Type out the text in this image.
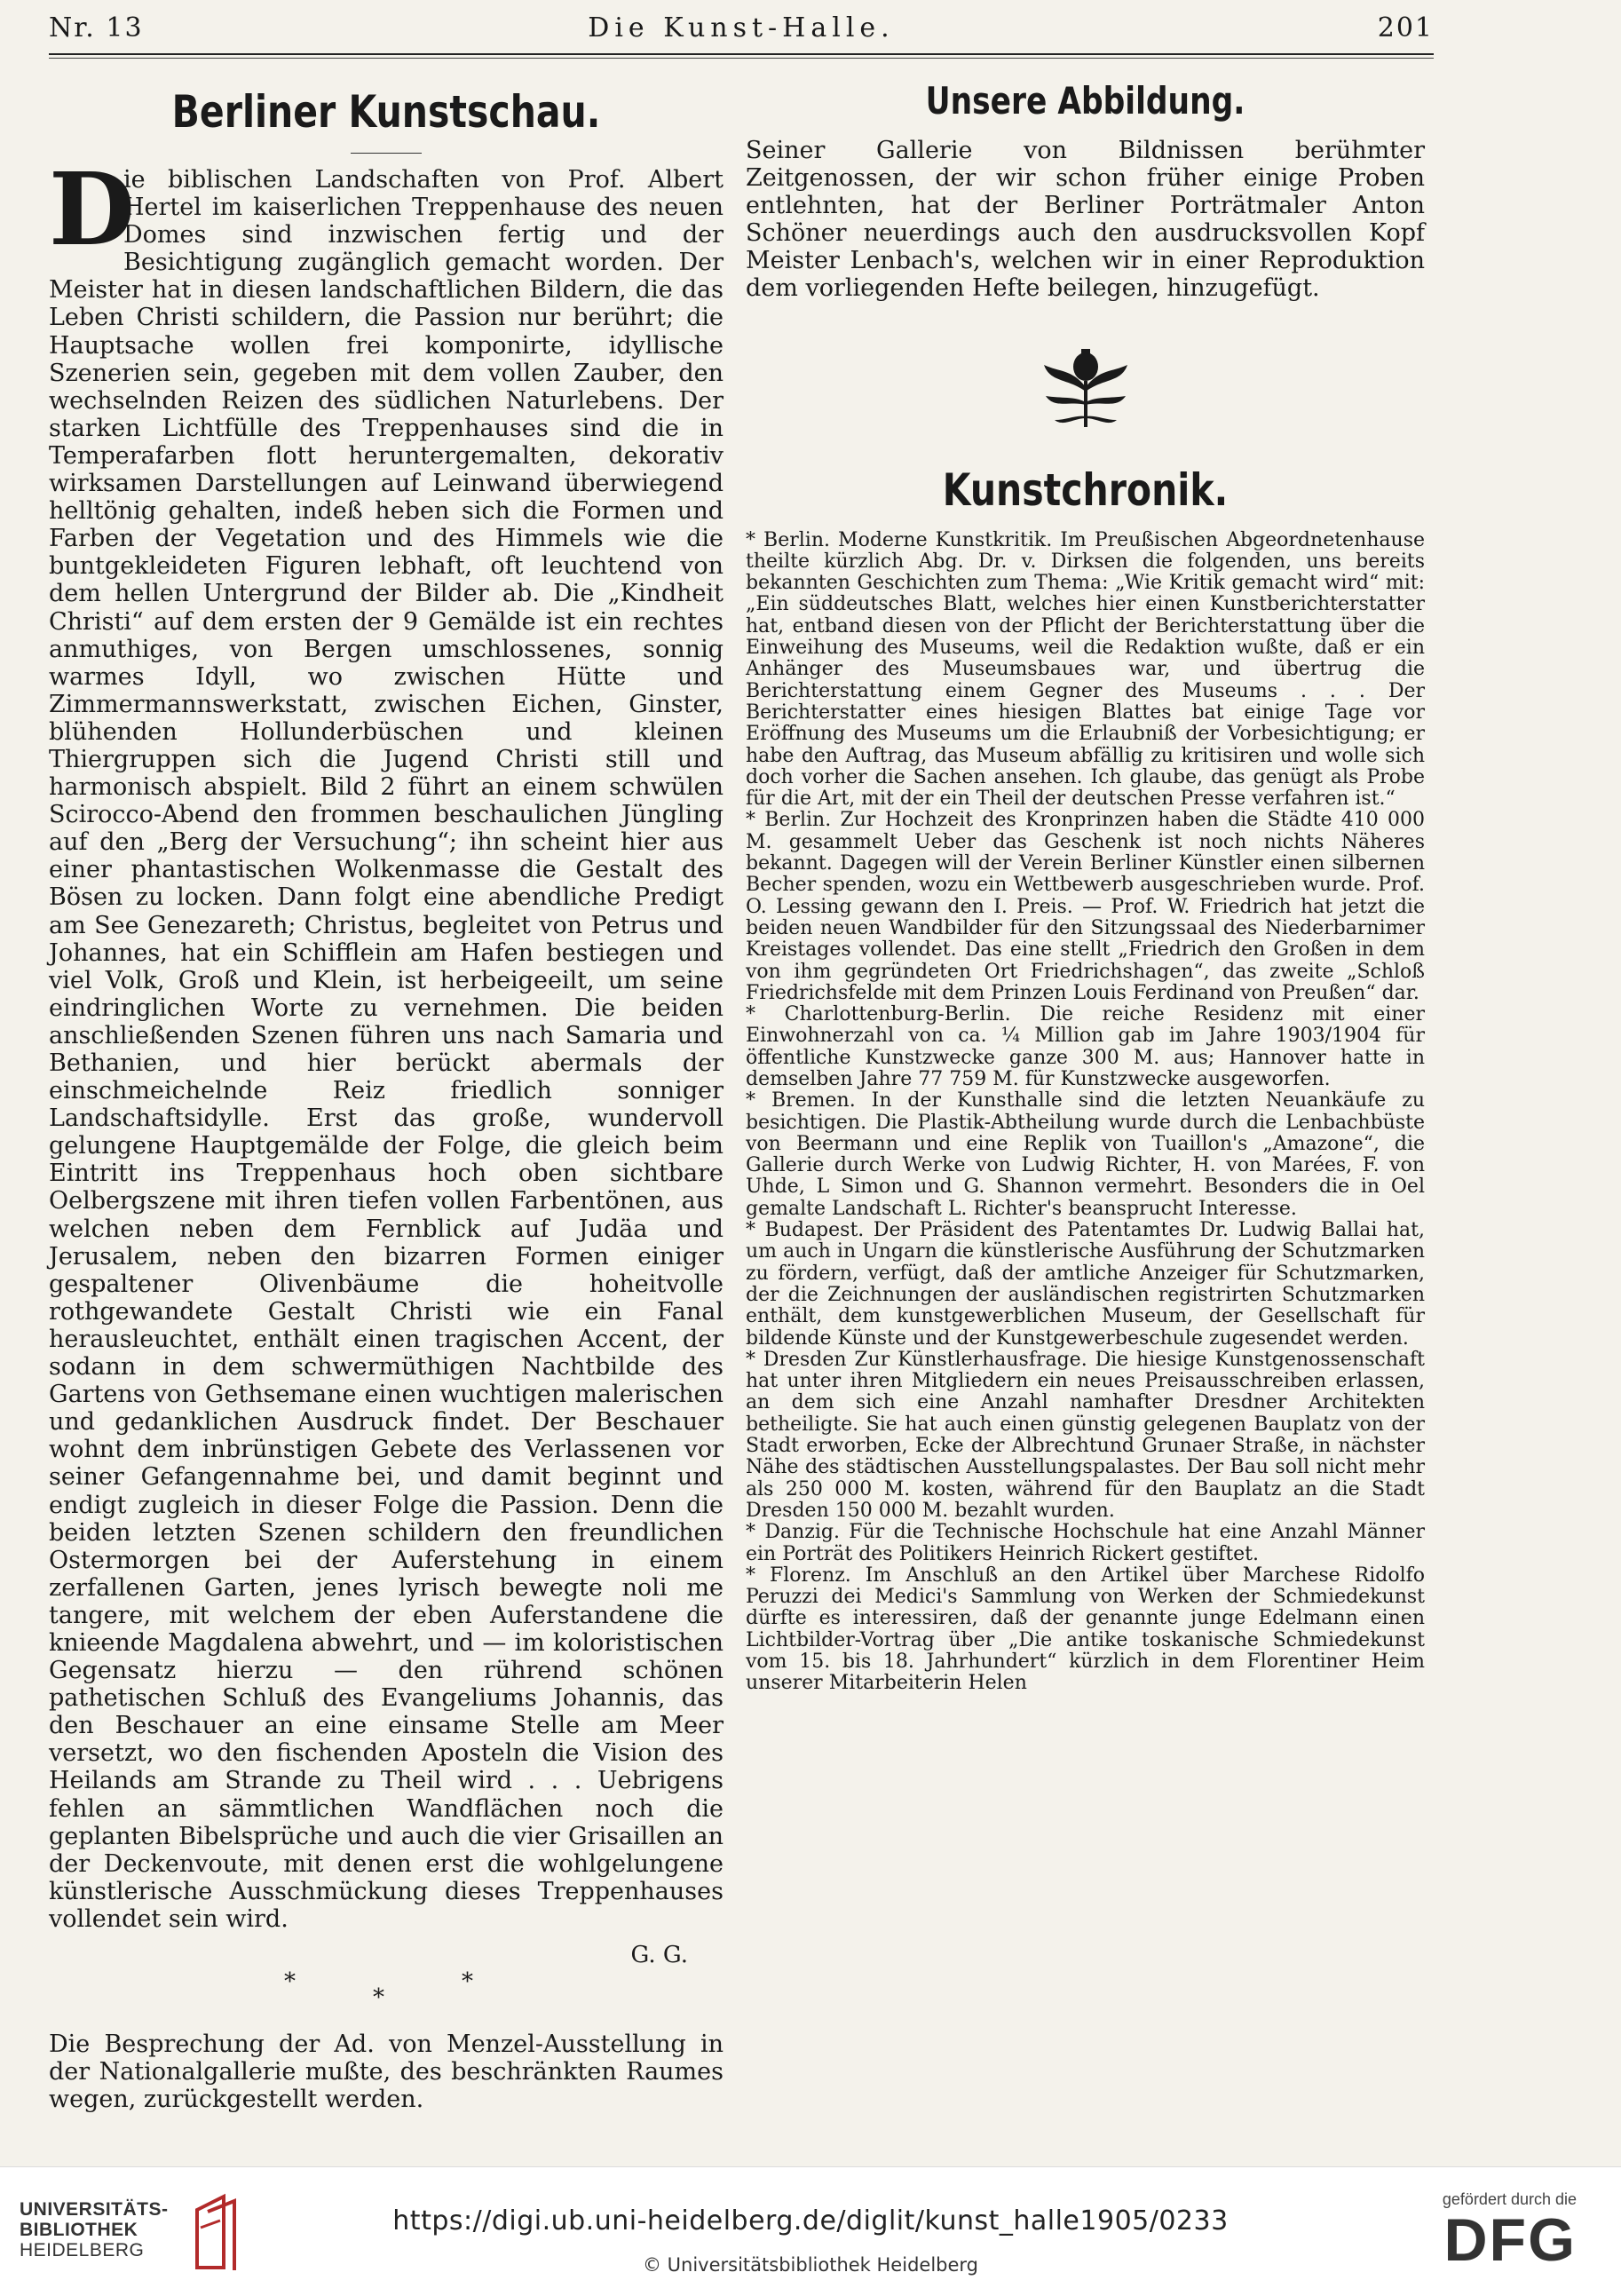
Nr. 13	Die Kunst-Halle.	201
Berliner Kunstschau.
D
ie biblischen Landschaften von Prof. Albert Hertel im kaiserlichen Treppenhause des neuen Domes sind inzwischen fertig und der Besichtigung zugänglich gemacht worden. Der Meister hat in diesen landschaftlichen Bildern, die das Leben Christi schildern, die Passion nur berührt; die Hauptsache wollen frei komponirte, idyllische Szenerien sein, gegeben mit dem vollen Zauber, den wechselnden Reizen des südlichen Naturlebens. Der starken Lichtfülle des Treppenhauses sind die in Temperafarben flott heruntergemalten, dekorativ wirksamen Darstellungen auf Leinwand überwiegend helltönig gehalten, indeß heben sich die Formen und Farben der Vegetation und des Himmels wie die buntgekleideten Figuren lebhaft, oft leuchtend von dem hellen Untergrund der Bilder ab. Die „Kindheit Christi“ auf dem ersten der 9 Gemälde ist ein rechtes anmuthiges, von Bergen umschlossenes, sonnig warmes Idyll, wo zwischen Hütte und Zimmermannswerkstatt, zwischen Eichen, Ginster, blühenden Hollunderbüschen und kleinen Thiergruppen sich die Jugend Christi still und harmonisch abspielt. Bild 2 führt an einem schwülen Scirocco-Abend den frommen beschaulichen Jüngling auf den „Berg der Versuchung“; ihn scheint hier aus einer phantastischen Wolkenmasse die Gestalt des Bösen zu locken. Dann folgt eine abendliche Predigt am See Genezareth; Christus, begleitet von Petrus und Johannes, hat ein Schifflein am Hafen bestiegen und viel Volk, Groß und Klein, ist herbeigeeilt, um seine eindringlichen Worte zu vernehmen. Die beiden anschließenden Szenen führen uns nach Samaria und Bethanien, und hier berückt abermals der einschmeichelnde Reiz friedlich sonniger Landschaftsidylle. Erst das große, wundervoll gelungene Hauptgemälde der Folge, die gleich beim Eintritt ins Treppenhaus hoch oben sichtbare Oelbergszene mit ihren tiefen vollen Farbentönen, aus welchen neben dem Fernblick auf Judäa und Jerusalem, neben den bizarren Formen einiger gespaltener Olivenbäume die hoheitvolle rothgewandete Gestalt Christi wie ein Fanal herausleuchtet, enthält einen tragischen Accent, der sodann in dem schwermüthigen Nachtbilde des Gartens von Gethsemane einen wuchtigen malerischen und gedanklichen Ausdruck findet. Der Beschauer wohnt dem inbrünstigen Gebete des Verlassenen vor seiner Gefangennahme bei, und damit beginnt und endigt zugleich in dieser Folge die Passion. Denn die beiden letzten Szenen schildern den freundlichen Ostermorgen bei der Auferstehung in einem zerfallenen Garten, jenes lyrisch bewegte noli me tangere, mit welchem der eben Auferstandene die knieende Magdalena abwehrt, und — im koloristischen Gegensatz hierzu — den rührend schönen pathetischen Schluß des Evangeliums Johannis, das den Beschauer an eine einsame Stelle am Meer versetzt, wo den fischenden Aposteln die Vision des Heilands am Strande zu Theil wird . . . Uebrigens fehlen an sämmtlichen Wandflächen noch die geplanten Bibelsprüche und auch die vier Grisaillen an der Deckenvoute, mit denen erst die wohlgelungene künstlerische Ausschmückung dieses Treppenhauses vollendet sein wird.
G. G.
*
*
*
Die Besprechung der Ad. von Menzel-Ausstellung in der Nationalgallerie mußte, des beschränkten Raumes wegen, zurückgestellt werden.
Unsere Abbildung.
Seiner Gallerie von Bildnissen berühmter Zeitgenossen, der wir schon früher einige Proben entlehnten, hat der Berliner Porträtmaler Anton Schöner neuerdings auch den ausdrucksvollen Kopf Meister Lenbach's, welchen wir in einer Reproduktion dem vorliegenden Hefte beilegen, hinzugefügt.
Kunstchronik.

* Berlin. Moderne Kunstkritik. Im Preußischen Abgeordnetenhause theilte kürzlich Abg. Dr. v. Dirksen die folgenden, uns bereits bekannten Geschichten zum Thema: „Wie Kritik gemacht wird“ mit: „Ein süddeutsches Blatt, welches hier einen Kunstberichterstatter hat, entband diesen von der Pflicht der Berichterstattung über die Einweihung des Museums, weil die Redaktion wußte, daß er ein Anhänger des Museumsbaues war, und übertrug die Berichterstattung einem Gegner des Museums . . . Der Berichterstatter eines hiesigen Blattes bat einige Tage vor Eröffnung des Museums um die Erlaubniß der Vorbesichtigung; er habe den Auftrag, das Museum abfällig zu kritisiren und wolle sich doch vorher die Sachen ansehen. Ich glaube, das genügt als Probe für die Art, mit der ein Theil der deutschen Presse verfahren ist.“

* Berlin. Zur Hochzeit des Kronprinzen haben die Städte 410 000 M. gesammelt Ueber das Geschenk ist noch nichts Näheres bekannt. Dagegen will der Verein Berliner Künstler einen silbernen Becher spenden, wozu ein Wettbewerb ausgeschrieben wurde. Prof. O. Lessing gewann den I. Preis. — Prof. W. Friedrich hat jetzt die beiden neuen Wandbilder für den Sitzungssaal des Niederbarnimer Kreistages vollendet. Das eine stellt „Friedrich den Großen in dem von ihm gegründeten Ort Friedrichshagen“, das zweite „Schloß Friedrichsfelde mit dem Prinzen Louis Ferdinand von Preußen“ dar.

* Charlottenburg-Berlin. Die reiche Residenz mit einer Einwohnerzahl von ca. ¼ Million gab im Jahre 1903/1904 für öffentliche Kunstzwecke ganze 300 M. aus; Hannover hatte in demselben Jahre 77 759 M. für Kunstzwecke ausgeworfen.

* Bremen. In der Kunsthalle sind die letzten Neuankäufe zu besichtigen. Die Plastik-Abtheilung wurde durch die Lenbachbüste von Beermann und eine Replik von Tuaillon's „Amazone“, die Gallerie durch Werke von Ludwig Richter, H. von Marées, F. von Uhde, L Simon und G. Shannon vermehrt. Besonders die in Oel gemalte Landschaft L. Richter's beansprucht Interesse.

* Budapest. Der Präsident des Patentamtes Dr. Ludwig Ballai hat, um auch in Ungarn die künstlerische Ausführung der Schutzmarken zu fördern, verfügt, daß der amtliche Anzeiger für Schutzmarken, der die Zeichnungen der ausländischen registrirten Schutzmarken enthält, dem kunstgewerblichen Museum, der Gesellschaft für bildende Künste und der Kunstgewerbeschule zugesendet werden.

* Dresden Zur Künstlerhausfrage. Die hiesige Kunstgenossenschaft hat unter ihren Mitgliedern ein neues Preisausschreiben erlassen, an dem sich eine Anzahl namhafter Dresdner Architekten betheiligte. Sie hat auch einen günstig gelegenen Bauplatz von der Stadt erworben, Ecke der Albrechtund Grunaer Straße, in nächster Nähe des städtischen Ausstellungspalastes. Der Bau soll nicht mehr als 250 000 M. kosten, während für den Bauplatz an die Stadt Dresden 150 000 M. bezahlt wurden.

* Danzig. Für die Technische Hochschule hat eine Anzahl Männer ein Porträt des Politikers Heinrich Rickert gestiftet.

* Florenz. Im Anschluß an den Artikel über Marchese Ridolfo Peruzzi dei Medici's Sammlung von Werken der Schmiedekunst dürfte es interessiren, daß der genannte junge Edelmann einen Lichtbilder-Vortrag über „Die antike toskanische Schmiedekunst vom 15. bis 18. Jahrhundert“ kürzlich in dem Florentiner Heim unserer Mitarbeiterin Helen

UNIVERSITÄTS-
BIBLIOTHEK
HEIDELBERG
https://digi.ub.uni-heidelberg.de/diglit/kunst_halle1905/0233
© Universitätsbibliothek Heidelberg
gefördert durch die
DFG
